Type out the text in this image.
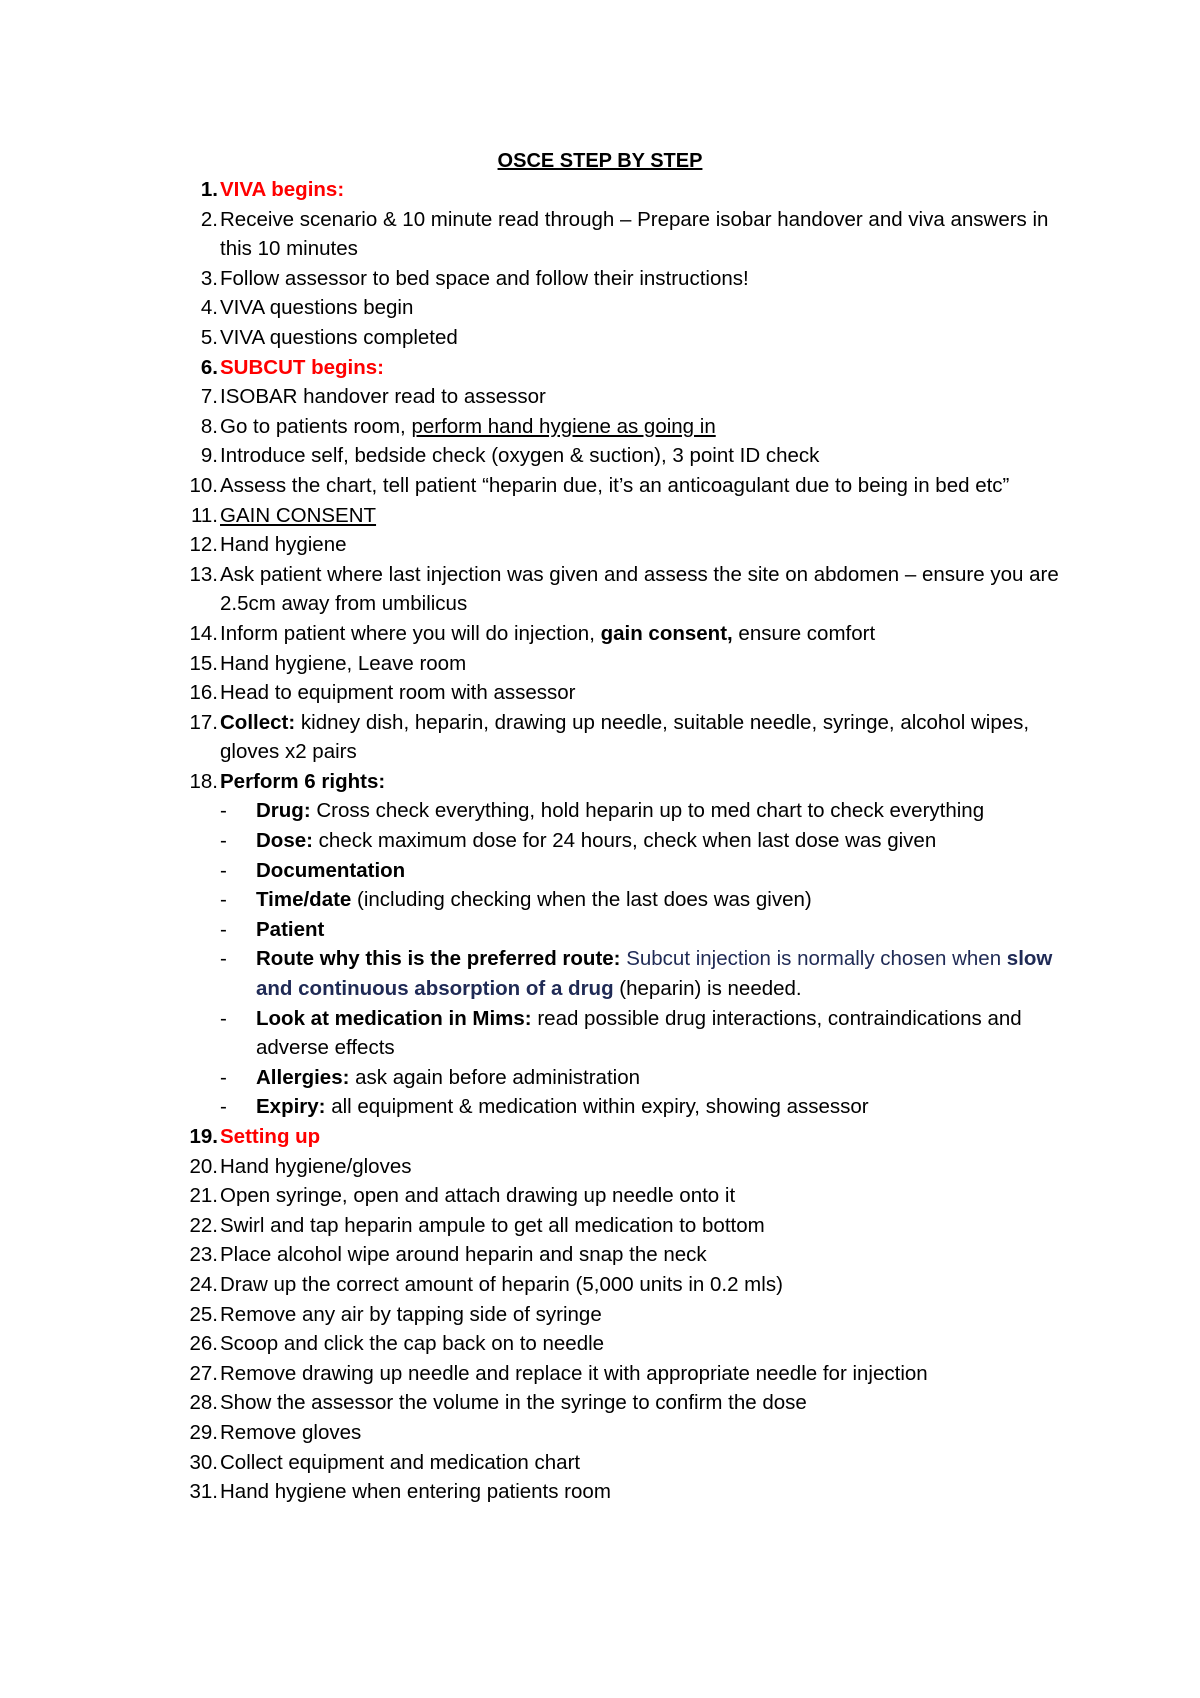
OSCE STEP BY STEP
1. VIVA begins:
2. Receive scenario & 10 minute read through – Prepare isobar handover and viva answers in this 10 minutes
3. Follow assessor to bed space and follow their instructions!
4. VIVA questions begin
5. VIVA questions completed
6. SUBCUT begins:
7. ISOBAR handover read to assessor
8. Go to patients room, perform hand hygiene as going in
9. Introduce self, bedside check (oxygen & suction), 3 point ID check
10. Assess the chart, tell patient “heparin due, it’s an anticoagulant due to being in bed etc”
11. GAIN CONSENT
12. Hand hygiene
13. Ask patient where last injection was given and assess the site on abdomen – ensure you are 2.5cm away from umbilicus
14. Inform patient where you will do injection, gain consent, ensure comfort
15. Hand hygiene, Leave room
16. Head to equipment room with assessor
17. Collect: kidney dish, heparin, drawing up needle, suitable needle, syringe, alcohol wipes, gloves x2 pairs
18. Perform 6 rights:
- Drug: Cross check everything, hold heparin up to med chart to check everything
- Dose: check maximum dose for 24 hours, check when last dose was given
- Documentation
- Time/date (including checking when the last does was given)
- Patient
- Route why this is the preferred route: Subcut injection is normally chosen when slow and continuous absorption of a drug (heparin) is needed.
- Look at medication in Mims: read possible drug interactions, contraindications and adverse effects
- Allergies: ask again before administration
- Expiry: all equipment & medication within expiry, showing assessor
19. Setting up
20. Hand hygiene/gloves
21. Open syringe, open and attach drawing up needle onto it
22. Swirl and tap heparin ampule to get all medication to bottom
23. Place alcohol wipe around heparin and snap the neck
24. Draw up the correct amount of heparin (5,000 units in 0.2 mls)
25. Remove any air by tapping side of syringe
26. Scoop and click the cap back on to needle
27. Remove drawing up needle and replace it with appropriate needle for injection
28. Show the assessor the volume in the syringe to confirm the dose
29. Remove gloves
30. Collect equipment and medication chart
31. Hand hygiene when entering patients room
